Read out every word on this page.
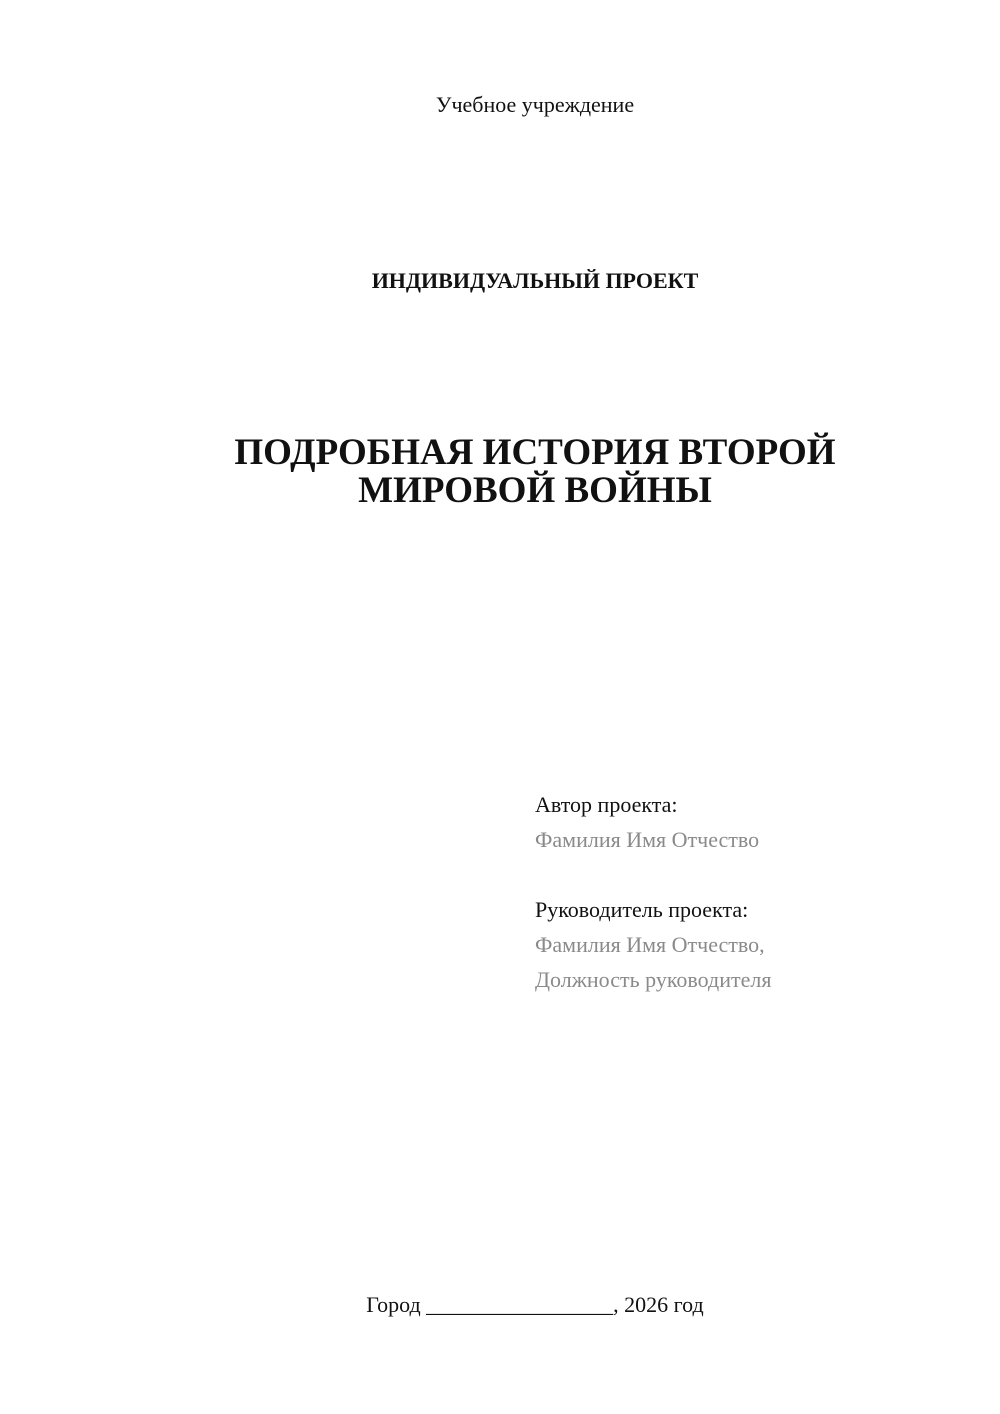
Учебное учреждение
ИНДИВИДУАЛЬНЫЙ ПРОЕКТ
ПОДРОБНАЯ ИСТОРИЯ ВТОРОЙ
МИРОВОЙ ВОЙНЫ
Автор проекта:
Фамилия Имя Отчество
Руководитель проекта:
Фамилия Имя Отчество,
Должность руководителя
Город _________________, 2026 год
